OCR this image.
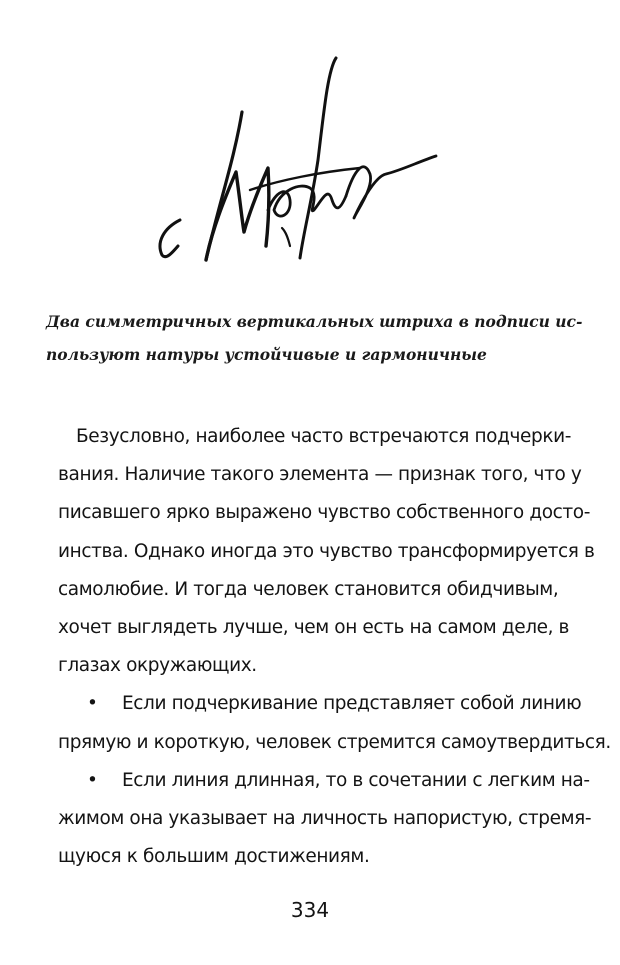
Два симметричных вертикальных штриха в подписи ис-
пользуют натуры устойчивые и гармоничные
Безусловно, наиболее часто встречаются подчерки-
вания. Наличие такого элемента — признак того, что у
писавшего ярко выражено чувство собственного досто-
инства. Однако иногда это чувство трансформируется в
самолюбие. И тогда человек становится обидчивым,
хочет выглядеть лучше, чем он есть на самом деле, в
глазах окружающих.
• Если подчеркивание представляет собой линию
прямую и короткую, человек стремится самоутвердиться.
• Если линия длинная, то в сочетании с легким на-
жимом она указывает на личность напористую, стремя-
щуюся к большим достижениям.
334
